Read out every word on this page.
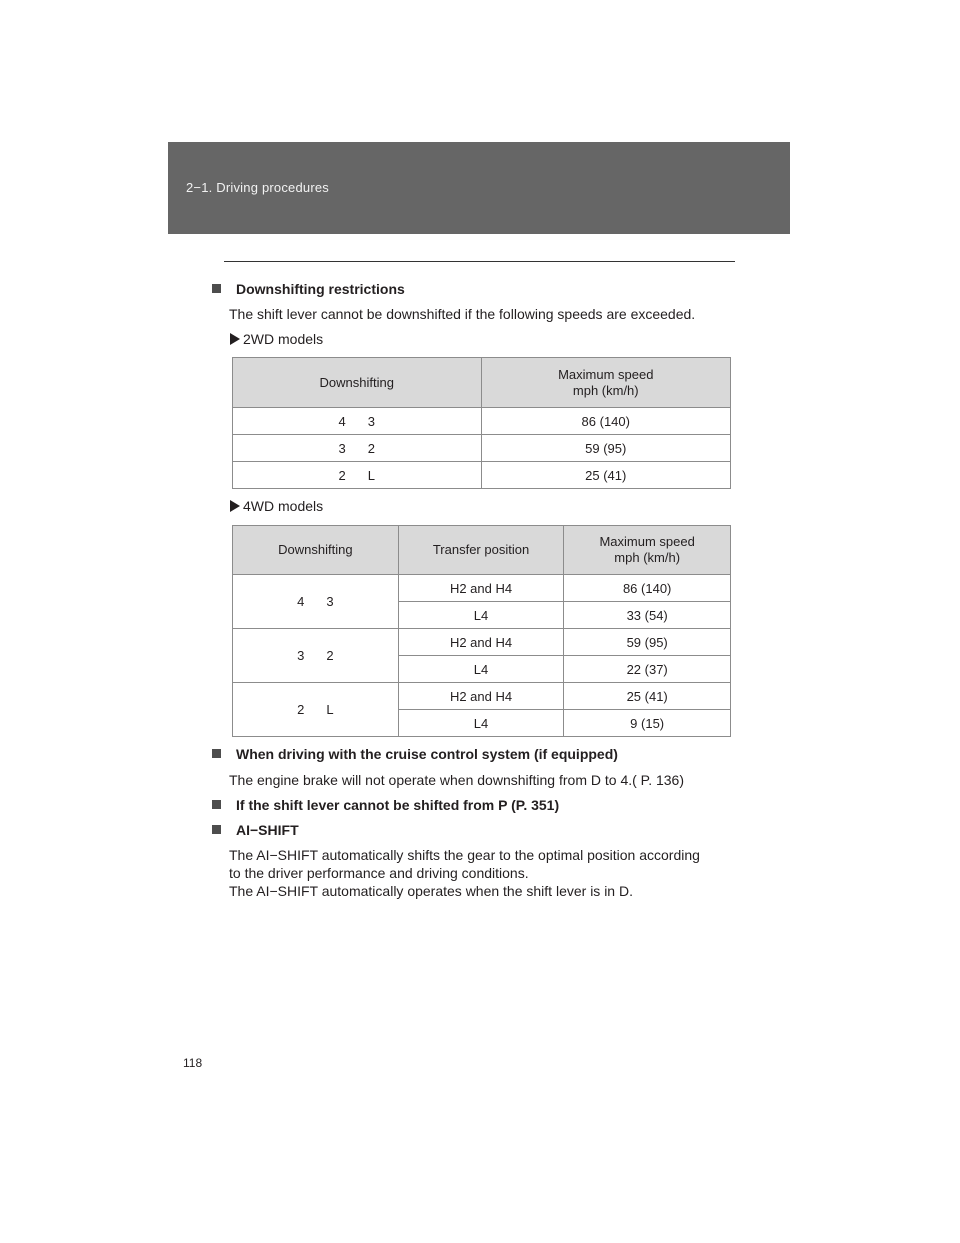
2−1. Driving procedures
Downshifting restrictions
The shift lever cannot be downshifted if the following speeds are exceeded.
2WD models
Downshifting	Maximum speed
mph (km/h)
4 3	86 (140)
3 2	59 (95)
2 L	25 (41)
4WD models
Downshifting	Transfer position	Maximum speed
mph (km/h)
4 3	H2 and H4	86 (140)
	L4	33 (54)
3 2	H2 and H4	59 (95)
	L4	22 (37)
2 L	H2 and H4	25 (41)
	L4	9 (15)
When driving with the cruise control system (if equipped)
The engine brake will not operate when downshifting from D to 4.( P. 136)
If the shift lever cannot be shifted from P (P. 351)
AI−SHIFT
The AI−SHIFT automatically shifts the gear to the optimal position according
to the driver performance and driving conditions.
The AI−SHIFT automatically operates when the shift lever is in D.
118
